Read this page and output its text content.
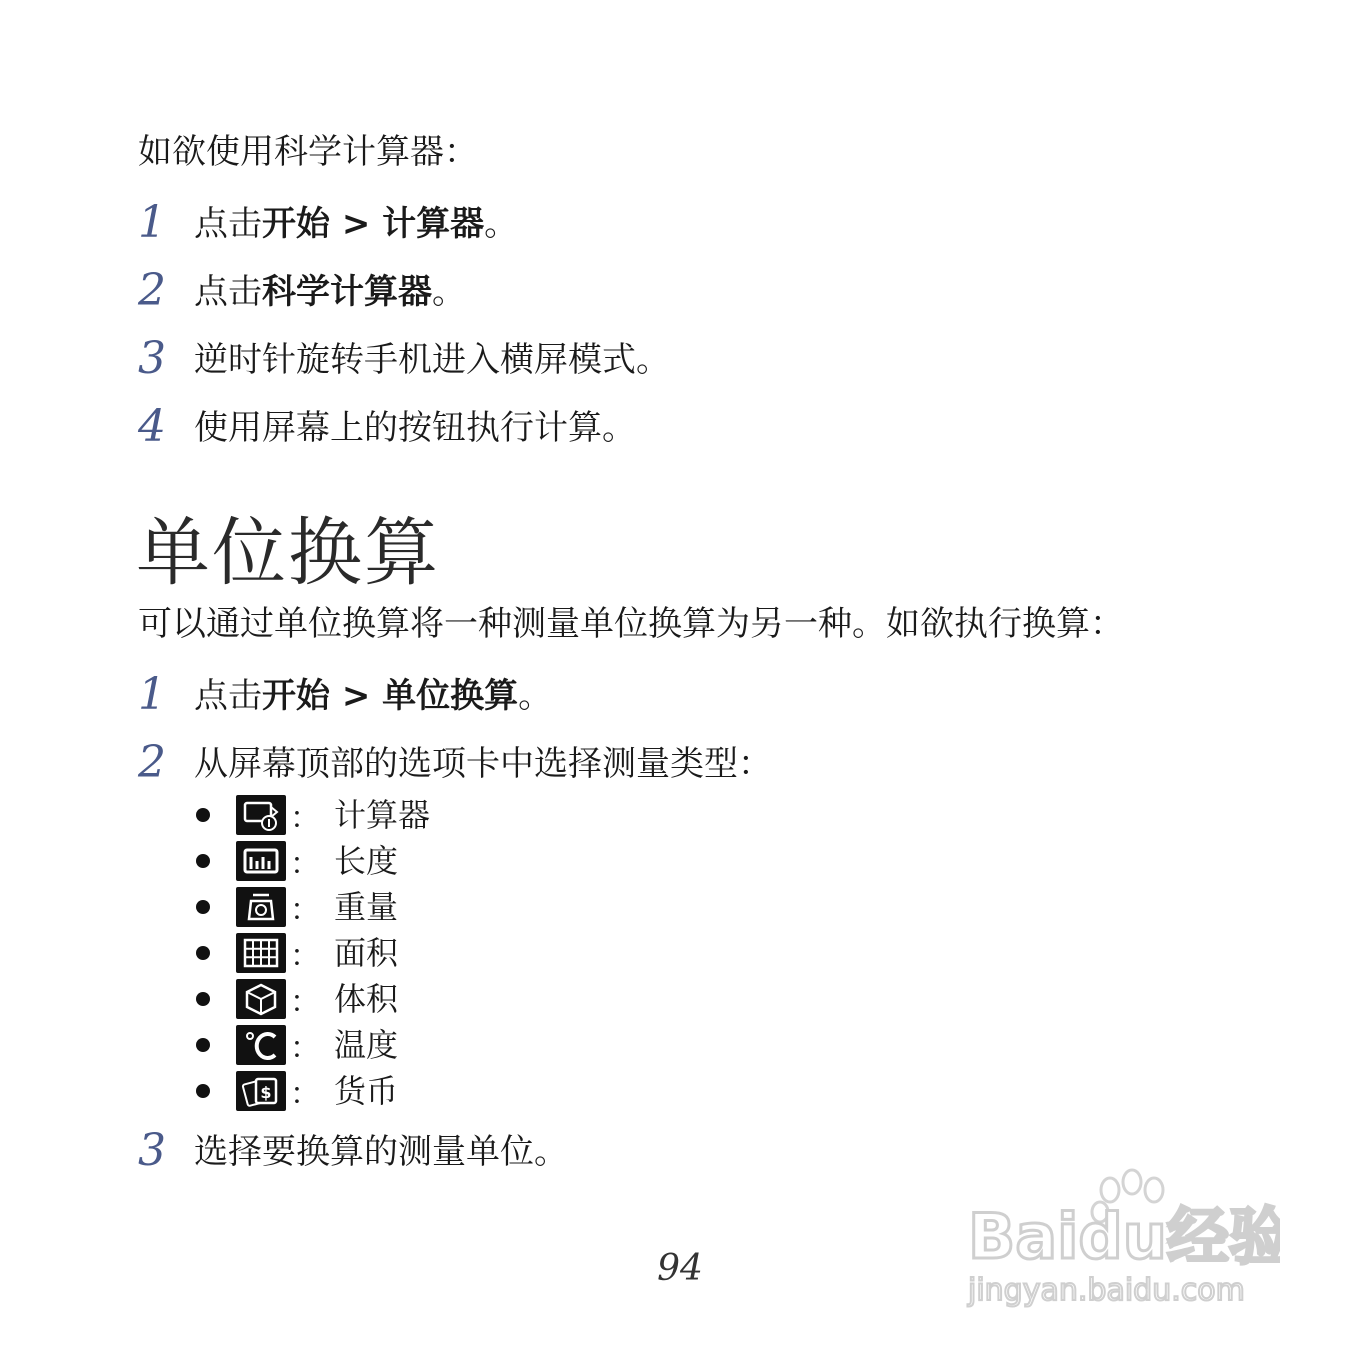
如欲使用科学计算器：
1 点击开始 > 计算器。
2 点击科学计算器。
3 逆时针旋转手机进入横屏模式。
4 使用屏幕上的按钮执行计算。
单位换算
可以通过单位换算将一种测量单位换算为另一种。如欲执行换算：
1 点击开始 > 单位换算。
2 从屏幕顶部的选项卡中选择测量类型：
： 计算器
： 长度
： 重量
： 面积
： 体积
： 温度
$ ： 货币
3 选择要换算的测量单位。
94	Baidu经验
jingyan.baidu.com
